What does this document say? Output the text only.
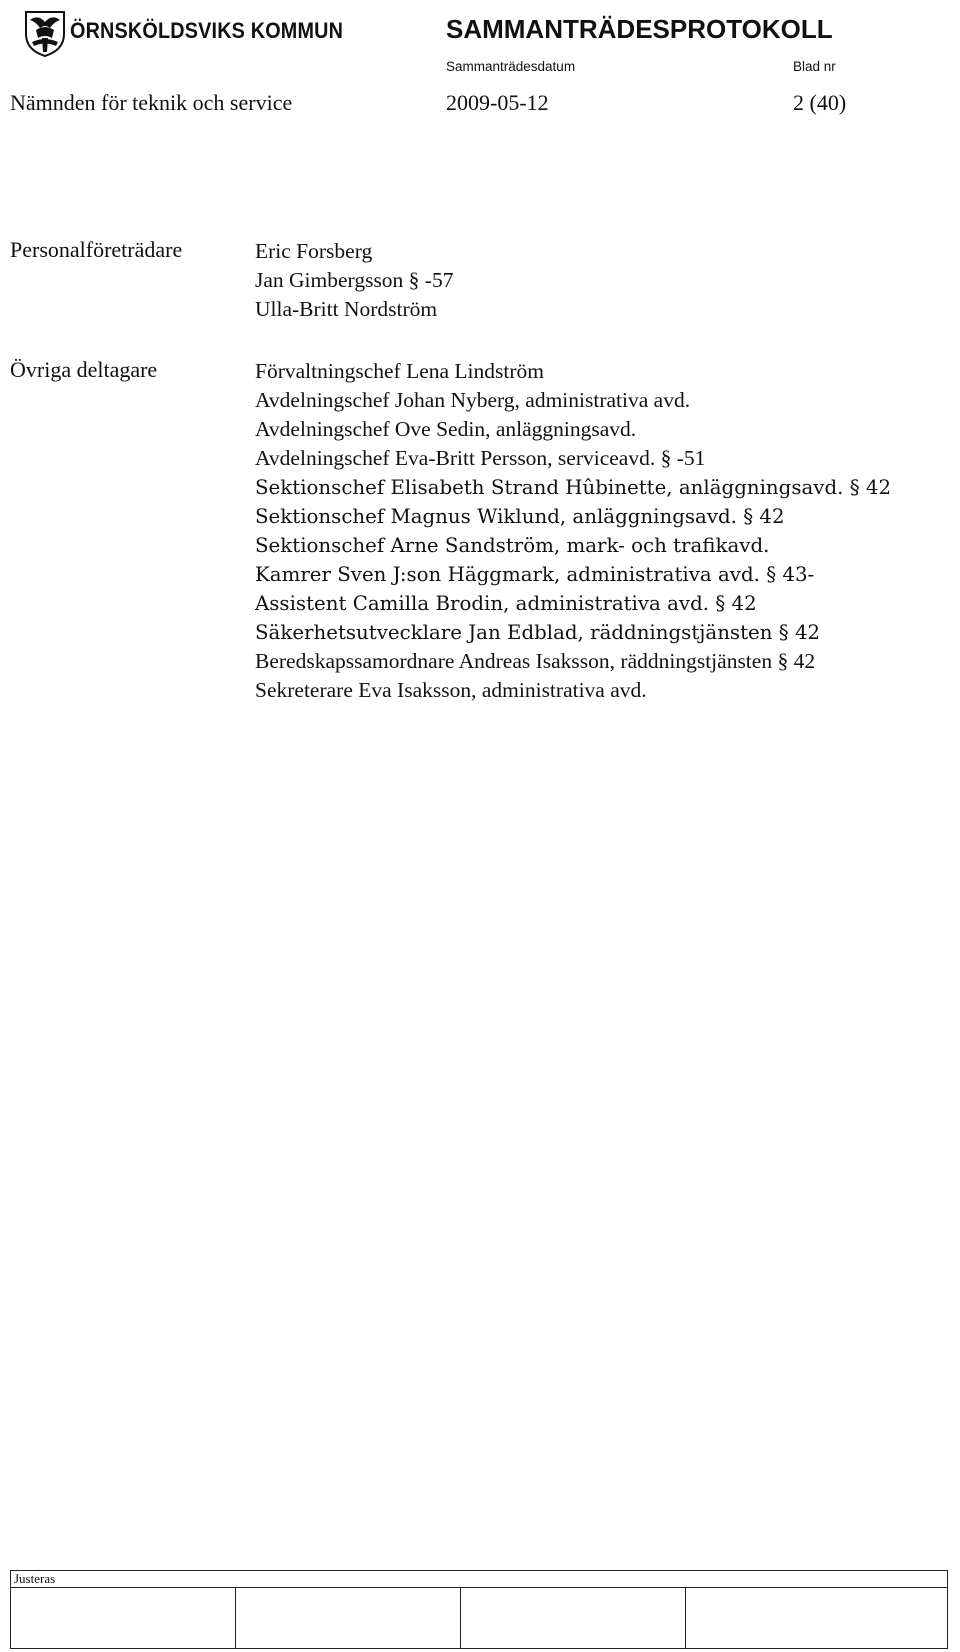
ÖRNSKÖLDSVIKS KOMMUN	SAMMANTRÄDESPROTOKOLL
Sammanträdesdatum	Blad nr
Nämnden för teknik och service	2009-05-12	2 (40)
Personalföreträdare	Eric Forsberg
Jan Gimbergsson § -57
Ulla-Britt Nordström
Övriga deltagare	Förvaltningschef Lena Lindström
Avdelningschef Johan Nyberg, administrativa avd.
Avdelningschef Ove Sedin, anläggningsavd.
Avdelningschef Eva-Britt Persson, serviceavd. § -51
Sektionschef Elisabeth Strand Hûbinette, anläggningsavd. § 42
Sektionschef Magnus Wiklund, anläggningsavd. § 42
Sektionschef Arne Sandström, mark- och trafikavd.
Kamrer Sven J:son Häggmark, administrativa avd. § 43-
Assistent Camilla Brodin, administrativa avd. § 42
Säkerhetsutvecklare Jan Edblad, räddningstjänsten § 42
Beredskapssamordnare Andreas Isaksson, räddningstjänsten § 42
Sekreterare Eva Isaksson, administrativa avd.
Justeras
